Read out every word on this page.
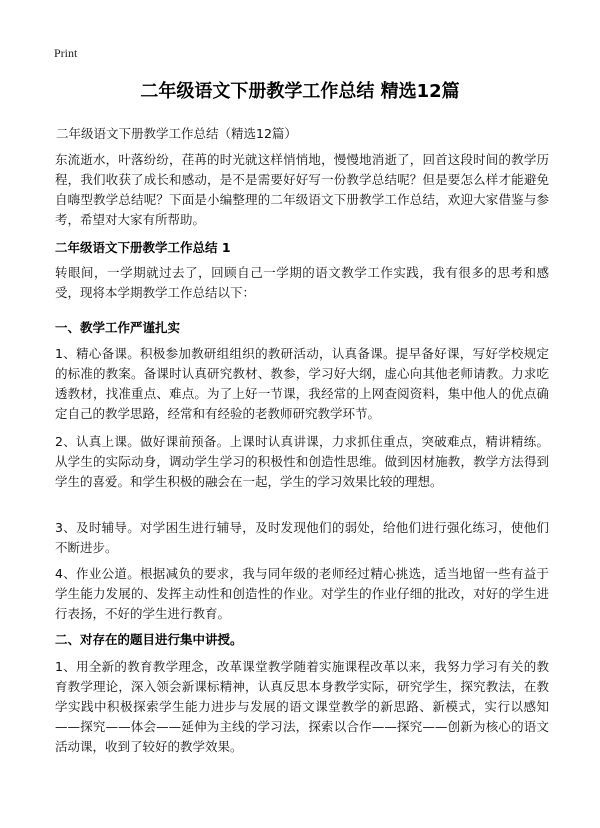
Print
二年级语文下册教学工作总结 精选12篇
二年级语文下册教学工作总结（精选12篇）

东流逝水，叶落纷纷，荏苒的时光就这样悄悄地，慢慢地消逝了，回首这段时间的教学历程，我们收获了成长和感动，是不是需要好好写一份教学总结呢？但是要怎么样才能避免自嗨型教学总结呢？下面是小编整理的二年级语文下册教学工作总结，欢迎大家借鉴与参考，希望对大家有所帮助。

二年级语文下册教学工作总结 1

转眼间，一学期就过去了，回顾自己一学期的语文教学工作实践，我有很多的思考和感受，现将本学期教学工作总结以下：

一、教学工作严谨扎实

1、精心备课。积极参加教研组组织的教研活动，认真备课。提早备好课，写好学校规定的标准的教案。备课时认真研究教材、教参，学习好大纲，虚心向其他老师请教。力求吃透教材，找准重点、难点。为了上好一节课，我经常的上网查阅资料，集中他人的优点确定自己的教学思路，经常和有经验的老教师研究教学环节。

2、认真上课。做好课前预备。上课时认真讲课，力求抓住重点，突破难点，精讲精练。从学生的实际动身，调动学生学习的积极性和创造性思维。做到因材施教，教学方法得到学生的喜爱。和学生积极的融会在一起，学生的学习效果比较的理想。

3、及时辅导。对学困生进行辅导，及时发现他们的弱处，给他们进行强化练习，使他们不断进步。

4、作业公道。根据减负的要求，我与同年级的老师经过精心挑选，适当地留一些有益于学生能力发展的、发挥主动性和创造性的作业。对学生的作业仔细的批改，对好的学生进行表扬，不好的学生进行教育。

二、对存在的题目进行集中讲授。

1、用全新的教育教学理念，改革课堂教学随着实施课程改革以来，我努力学习有关的教育教学理论，深入领会新课标精神，认真反思本身教学实际，研究学生，探究教法，在教学实践中积极探索学生能力进步与发展的语文课堂教学的新思路、新模式，实行以感知——探究——体会——延伸为主线的学习法，探索以合作——探究——创新为核心的语文活动课，收到了较好的教学效果。
